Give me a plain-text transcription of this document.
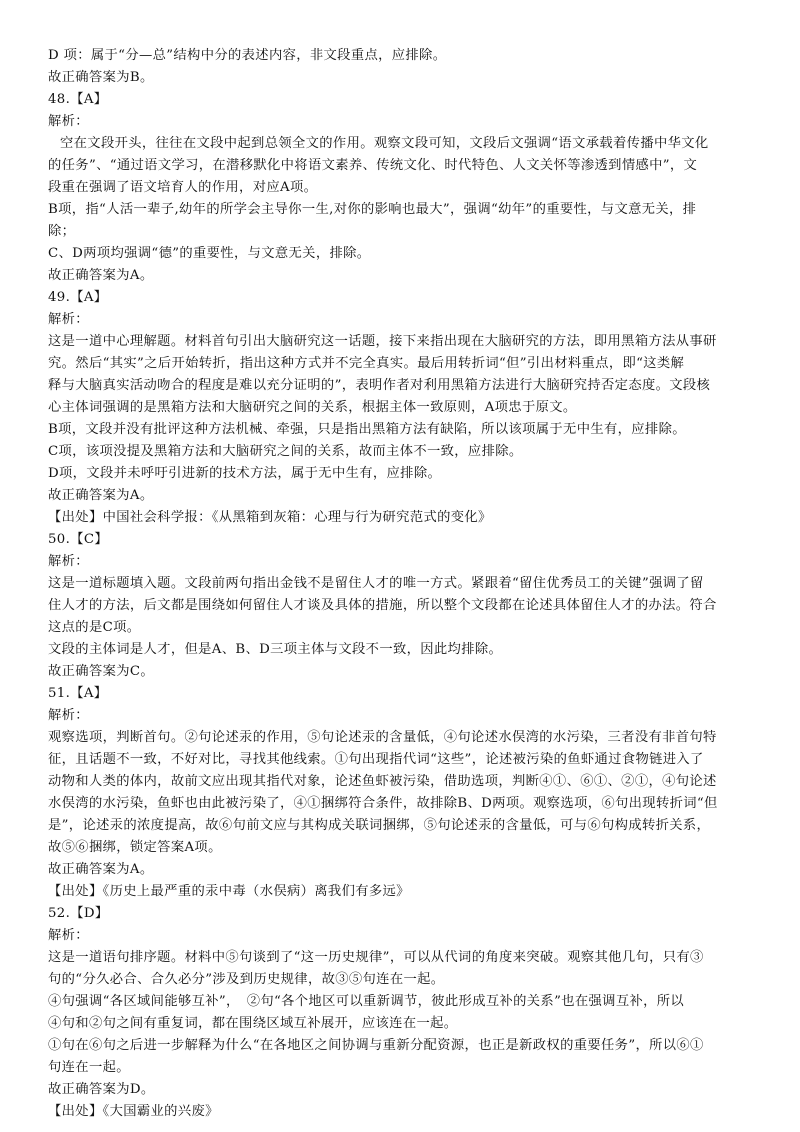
D 项：属于“分—总”结构中分的表述内容，非文段重点，应排除。
故正确答案为B。
48.【A】
解析：
空在文段开头，往往在文段中起到总领全文的作用。观察文段可知，文段后文强调“语文承载着传播中华文化
的任务”、“通过语文学习，在潜移默化中将语文素养、传统文化、时代特色、人文关怀等渗透到情感中”，文
段重在强调了语文培育人的作用，对应A项。
B项，指“人活一辈子,幼年的所学会主导你一生,对你的影响也最大”，强调“幼年”的重要性，与文意无关，排
除；
C、D两项均强调“德”的重要性，与文意无关，排除。
故正确答案为A。
49.【A】
解析：
这是一道中心理解题。材料首句引出大脑研究这一话题，接下来指出现在大脑研究的方法，即用黑箱方法从事研
究。然后“其实”之后开始转折，指出这种方式并不完全真实。最后用转折词“但”引出材料重点，即“这类解
释与大脑真实活动吻合的程度是难以充分证明的”，表明作者对利用黑箱方法进行大脑研究持否定态度。文段核
心主体词强调的是黑箱方法和大脑研究之间的关系，根据主体一致原则，A项忠于原文。
B项，文段并没有批评这种方法机械、牵强，只是指出黑箱方法有缺陷，所以该项属于无中生有，应排除。
C项，该项没提及黑箱方法和大脑研究之间的关系，故而主体不一致，应排除。
D项，文段并未呼吁引进新的技术方法，属于无中生有，应排除。
故正确答案为A。
【出处】中国社会科学报：《从黑箱到灰箱：心理与行为研究范式的变化》
50.【C】
解析：
这是一道标题填入题。文段前两句指出金钱不是留住人才的唯一方式。紧跟着“留住优秀员工的关键”强调了留
住人才的方法，后文都是围绕如何留住人才谈及具体的措施，所以整个文段都在论述具体留住人才的办法。符合
这点的是C项。
文段的主体词是人才，但是A、B、D三项主体与文段不一致，因此均排除。
故正确答案为C。
51.【A】
解析：
观察选项，判断首句。②句论述汞的作用，⑤句论述汞的含量低，④句论述水俣湾的水污染，三者没有非首句特
征，且话题不一致，不好对比，寻找其他线索。①句出现指代词“这些”，论述被污染的鱼虾通过食物链进入了
动物和人类的体内，故前文应出现其指代对象，论述鱼虾被污染，借助选项，判断④①、⑥①、②①，④句论述
水俣湾的水污染，鱼虾也由此被污染了，④①捆绑符合条件，故排除B、D两项。观察选项，⑥句出现转折词“但
是”，论述汞的浓度提高，故⑥句前文应与其构成关联词捆绑，⑤句论述汞的含量低，可与⑥句构成转折关系，
故⑤⑥捆绑，锁定答案A项。
故正确答案为A。
【出处】《历史上最严重的汞中毒（水俣病）离我们有多远》
52.【D】
解析：
这是一道语句排序题。材料中⑤句谈到了“这一历史规律”，可以从代词的角度来突破。观察其他几句，只有③
句的“分久必合、合久必分”涉及到历史规律，故③⑤句连在一起。
④句强调“各区域间能够互补”，　②句“各个地区可以重新调节，彼此形成互补的关系”也在强调互补，所以
④句和②句之间有重复词，都在围绕区域互补展开，应该连在一起。
①句在⑥句之后进一步解释为什么“在各地区之间协调与重新分配资源，也正是新政权的重要任务”，所以⑥①
句连在一起。
故正确答案为D。
【出处】《大国霸业的兴废》
